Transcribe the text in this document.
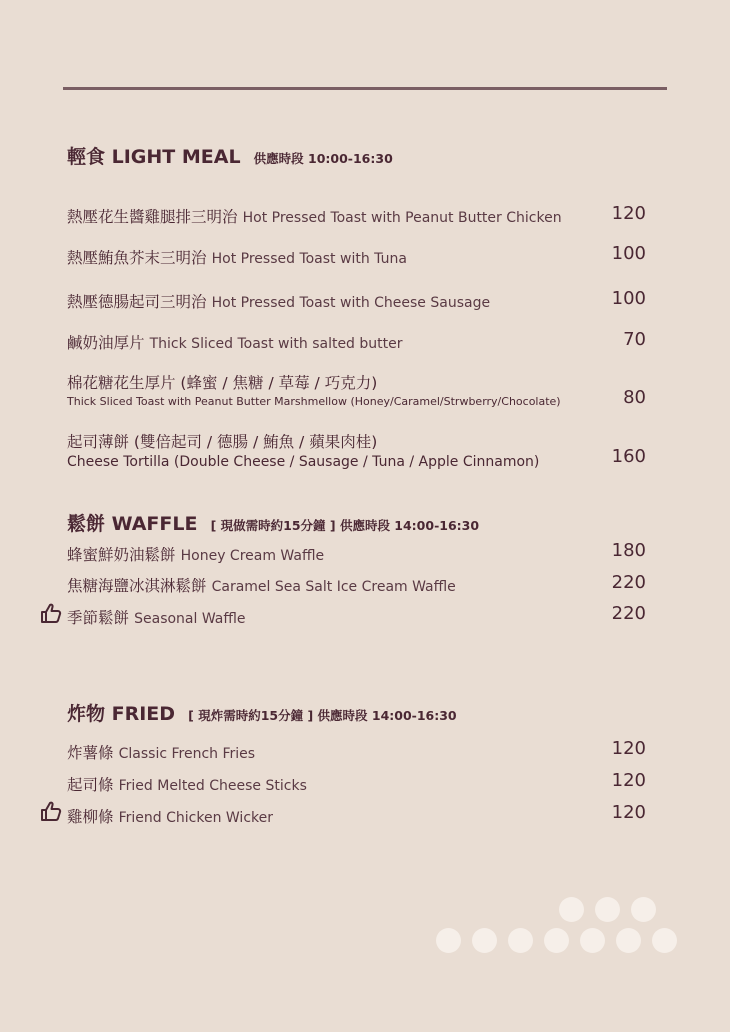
輕食 LIGHT MEAL 供應時段 10:00-16:30
熱壓花生醬雞腿排三明治 Hot Pressed Toast with Peanut Butter Chicken	120
熱壓鮪魚芥末三明治 Hot Pressed Toast with Tuna	100
熱壓德腸起司三明治 Hot Pressed Toast with Cheese Sausage	100
鹹奶油厚片 Thick Sliced Toast with salted butter	70
棉花糖花生厚片 (蜂蜜 / 焦糖 / 草莓 / 巧克力)
Thick Sliced Toast with Peanut Butter Marshmellow (Honey/Caramel/Strwberry/Chocolate)	80
起司薄餅 (雙倍起司 / 德腸 / 鮪魚 / 蘋果肉桂)
Cheese Tortilla (Double Cheese / Sausage / Tuna / Apple Cinnamon)	160
鬆餅 WAFFLE [ 現做需時約15分鐘 ] 供應時段 14:00-16:30
蜂蜜鮮奶油鬆餅 Honey Cream Waffle	180
焦糖海鹽冰淇淋鬆餅 Caramel Sea Salt Ice Cream Waffle	220
季節鬆餅 Seasonal Waffle	220
炸物 FRIED [ 現炸需時約15分鐘 ] 供應時段 14:00-16:30
炸薯條 Classic French Fries	120
起司條 Fried Melted Cheese Sticks	120
雞柳條 Friend Chicken Wicker	120
